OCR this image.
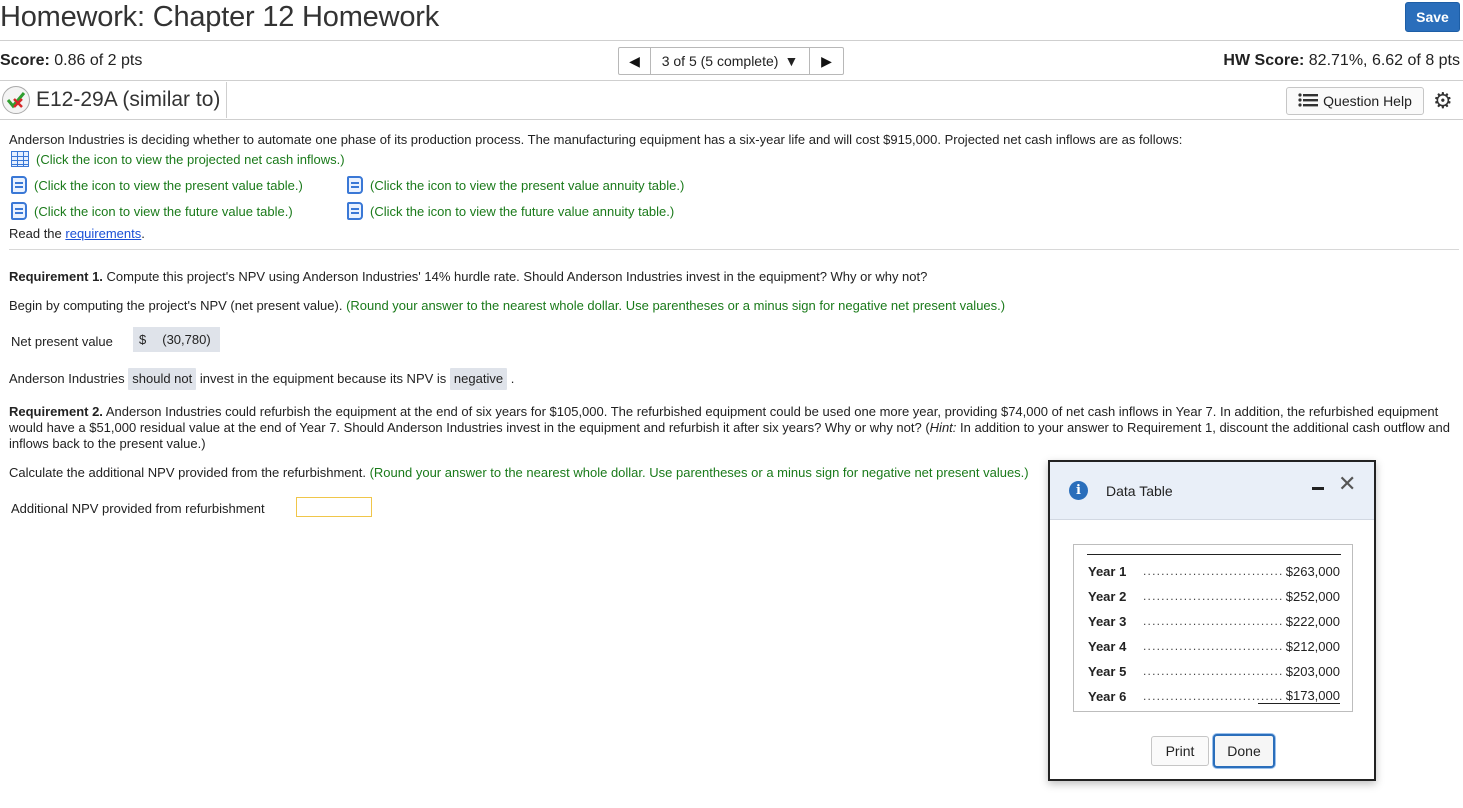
Homework: Chapter 12 Homework	Save
Score: 0.86 of 2 pts	◀ 3 of 5 (5 complete) ▼ ▶	HW Score: 82.71%, 6.62 of 8 pts
E12-29A (similar to)	Question Help ⚙
Anderson Industries is deciding whether to automate one phase of its production process. The manufacturing equipment has a six-year life and will cost $915,000. Projected net cash inflows are as follows:
(Click the icon to view the projected net cash inflows.)
(Click the icon to view the present value table.)	(Click the icon to view the present value annuity table.)
(Click the icon to view the future value table.)	(Click the icon to view the future value annuity table.)
Read the requirements.
Requirement 1. Compute this project's NPV using Anderson Industries' 14% hurdle rate. Should Anderson Industries invest in the equipment? Why or why not?
Begin by computing the project's NPV (net present value). (Round your answer to the nearest whole dollar. Use parentheses or a minus sign for negative net present values.)
Net present value $ (30,780)
Anderson Industries should not invest in the equipment because its NPV is negative .
Requirement 2. Anderson Industries could refurbish the equipment at the end of six years for $105,000. The refurbished equipment could be used one more year, providing $74,000 of net cash inflows in Year 7. In addition, the refurbished equipment would have a $51,000 residual value at the end of Year 7. Should Anderson Industries invest in the equipment and refurbish it after six years? Why or why not? (Hint: In addition to your answer to Requirement 1, discount the additional cash outflow and inflows back to the present value.)
Calculate the additional NPV provided from the refurbishment. (Round your answer to the nearest whole dollar. Use parentheses or a minus sign for negative net present values.)
Additional NPV provided from refurbishment
i	Data Table	✕
Year 1	............................... $263,000
Year 2	............................... $252,000
Year 3	............................... $222,000
Year 4	............................... $212,000
Year 5	............................... $203,000
Year 6	............................... $173,000
Print	Done
